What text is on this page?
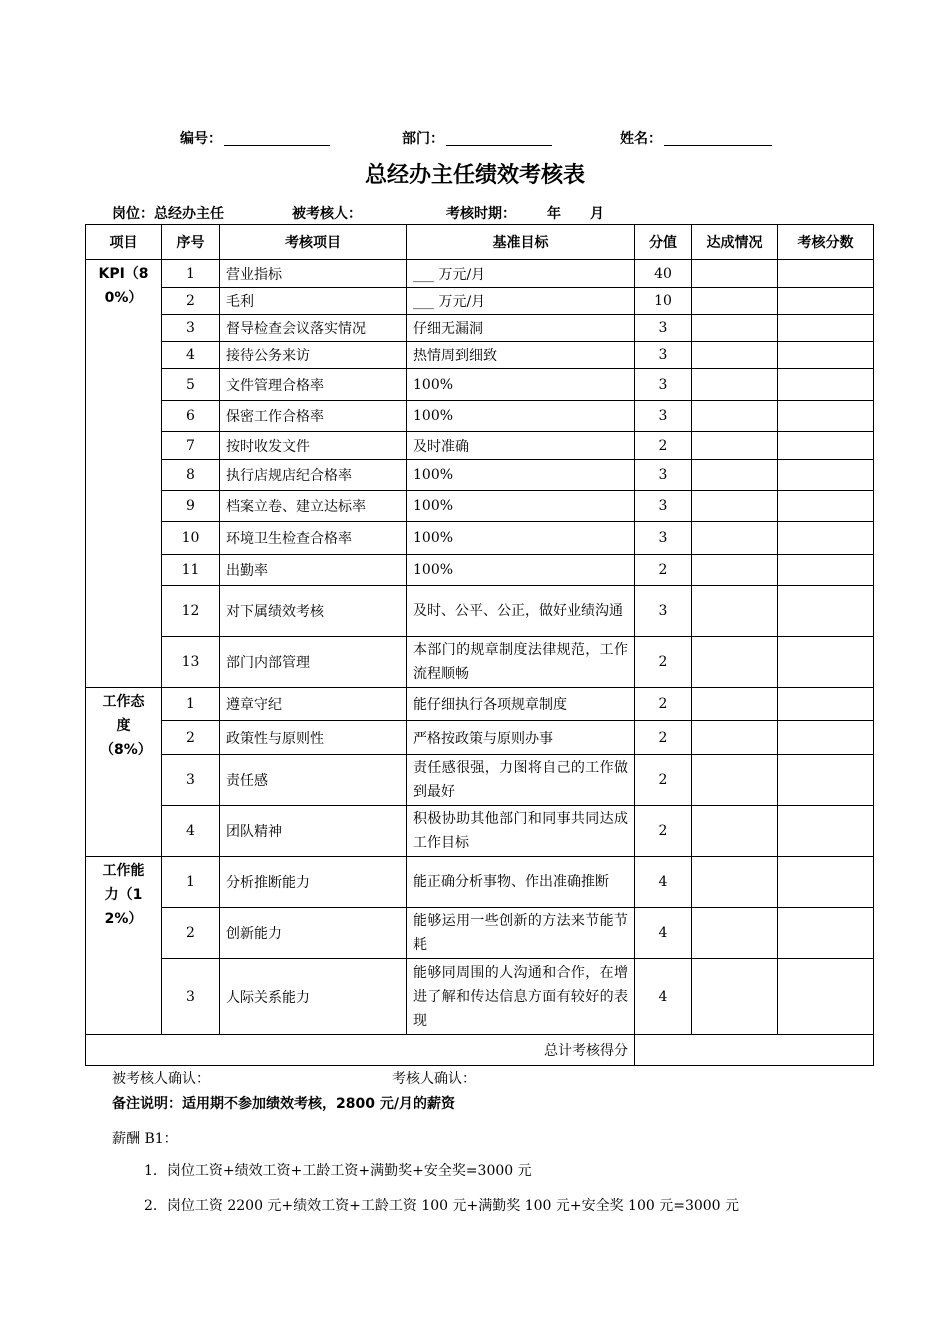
编号：	部门：	姓名：
总经办主任绩效考核表
岗位：总经办主任	被考核人：	考核时期： 年 月
项目	序号	考核项目	基准目标	分值	达成情况	考核分数
KPI（80%）	1	营业指标	___ 万元/月	40		
	2	毛利	___ 万元/月	10		
	3	督导检查会议落实情况	仔细无漏洞	3		
	4	接待公务来访	热情周到细致	3		
	5	文件管理合格率	100%	3		
	6	保密工作合格率	100%	3		
	7	按时收发文件	及时准确	2		
	8	执行店规店纪合格率	100%	3		
	9	档案立卷、建立达标率	100%	3		
	10	环境卫生检查合格率	100%	3		
	11	出勤率	100%	2		
	12	对下属绩效考核	及时、公平、公正，做好业绩沟通	3		
	13	部门内部管理	本部门的规章制度法律规范，工作流程顺畅	2		
工作态度（8%）	1	遵章守纪	能仔细执行各项规章制度	2		
	2	政策性与原则性	严格按政策与原则办事	2		
	3	责任感	责任感很强，力图将自己的工作做到最好	2		
	4	团队精神	积极协助其他部门和同事共同达成工作目标	2		
工作能力（12%）	1	分析推断能力	能正确分析事物、作出准确推断	4		
	2	创新能力	能够运用一些创新的方法来节能节耗	4		
	3	人际关系能力	能够同周围的人沟通和合作，在增进了解和传达信息方面有较好的表现	4		
总计考核得分						
被考核人确认：	考核人确认：
备注说明：适用期不参加绩效考核，2800 元/月的薪资
薪酬 B1：
1．岗位工资+绩效工资+工龄工资+满勤奖+安全奖=3000 元
2．岗位工资 2200 元+绩效工资+工龄工资 100 元+满勤奖 100 元+安全奖 100 元=3000 元
